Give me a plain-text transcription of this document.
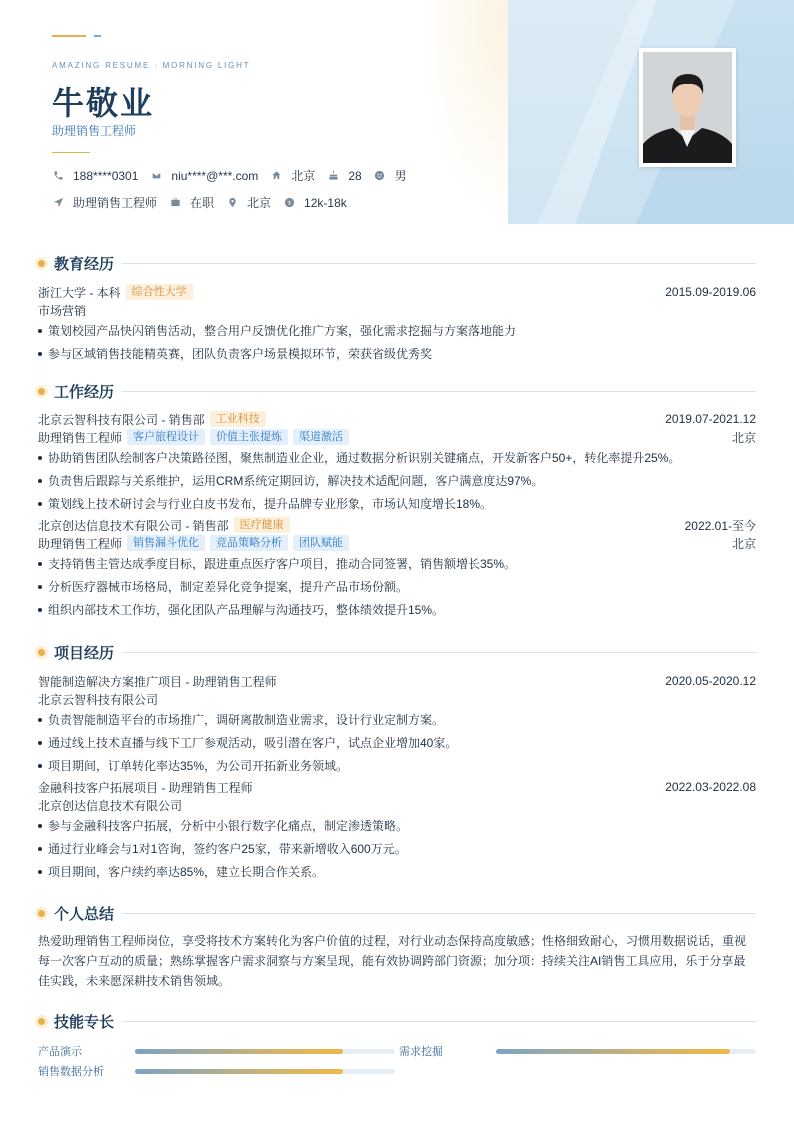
AMAZING RESUME · MORNING LIGHT
牛敬业
助理销售工程师
188****0301	niu****@***.com	北京	28	男
助理销售工程师	在职	北京 $ 12k-18k
教育经历
浙江大学 - 本科	综合性大学	2015.09-2019.06
市场营销
策划校园产品快闪销售活动，整合用户反馈优化推广方案，强化需求挖掘与方案落地能力
参与区域销售技能精英赛，团队负责客户场景模拟环节，荣获省级优秀奖
工作经历
北京云智科技有限公司 - 销售部	工业科技	2019.07-2021.12
助理销售工程师	客户旅程设计	价值主张提炼	渠道激活	北京
协助销售团队绘制客户决策路径图，聚焦制造业企业，通过数据分析识别关键痛点，开发新客户50+，转化率提升25%。
负责售后跟踪与关系维护，运用CRM系统定期回访，解决技术适配问题，客户满意度达97%。
策划线上技术研讨会与行业白皮书发布，提升品牌专业形象，市场认知度增长18%。
北京创达信息技术有限公司 - 销售部	医疗健康	2022.01-至今
助理销售工程师	销售漏斗优化	竞品策略分析	团队赋能	北京
支持销售主管达成季度目标，跟进重点医疗客户项目，推动合同签署，销售额增长35%。
分析医疗器械市场格局，制定差异化竞争提案，提升产品市场份额。
组织内部技术工作坊，强化团队产品理解与沟通技巧，整体绩效提升15%。
项目经历
智能制造解决方案推广项目 - 助理销售工程师	2020.05-2020.12
北京云智科技有限公司
负责智能制造平台的市场推广，调研离散制造业需求，设计行业定制方案。
通过线上技术直播与线下工厂参观活动，吸引潜在客户，试点企业增加40家。
项目期间，订单转化率达35%，为公司开拓新业务领域。
金融科技客户拓展项目 - 助理销售工程师	2022.03-2022.08
北京创达信息技术有限公司
参与金融科技客户拓展，分析中小银行数字化痛点，制定渗透策略。
通过行业峰会与1对1咨询，签约客户25家，带来新增收入600万元。
项目期间，客户续约率达85%，建立长期合作关系。
个人总结
热爱助理销售工程师岗位，享受将技术方案转化为客户价值的过程，对行业动态保持高度敏感；性格细致耐心，习惯用数据说话，重视每一次客户互动的质量；熟练掌握客户需求洞察与方案呈现，能有效协调跨部门资源；加分项：持续关注AI销售工具应用，乐于分享最佳实践，未来愿深耕技术销售领域。
技能专长
产品演示	需求挖掘
销售数据分析
